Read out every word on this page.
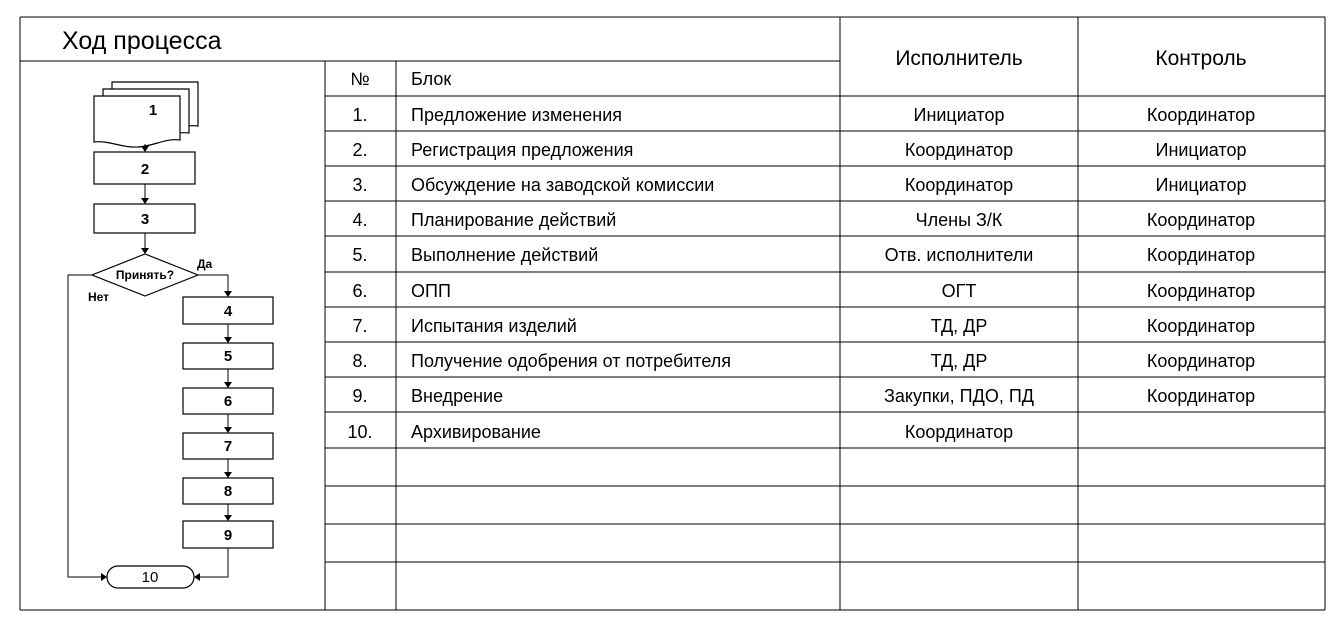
Ход процесса
№ Блок
Исполнитель	Контроль
1. Предложение изменения	Инициатор	Координатор
2. Регистрация предложения	Координатор	Инициатор
3. Обсуждение на заводской комиссии	Координатор	Инициатор
4. Планирование действий	Члены З/К	Координатор
5. Выполнение действий	Отв. исполнители	Координатор
6. ОПП	ОГТ	Координатор
7. Испытания изделий	ТД, ДР	Координатор
8. Получение одобрения от потребителя	ТД, ДР	Координатор
9. Внедрение	Закупки, ПДО, ПД	Координатор
10. Архивирование	Координатор
1
2
3
Принять?
Да
Нет
4
5
6
7
8
9
10
